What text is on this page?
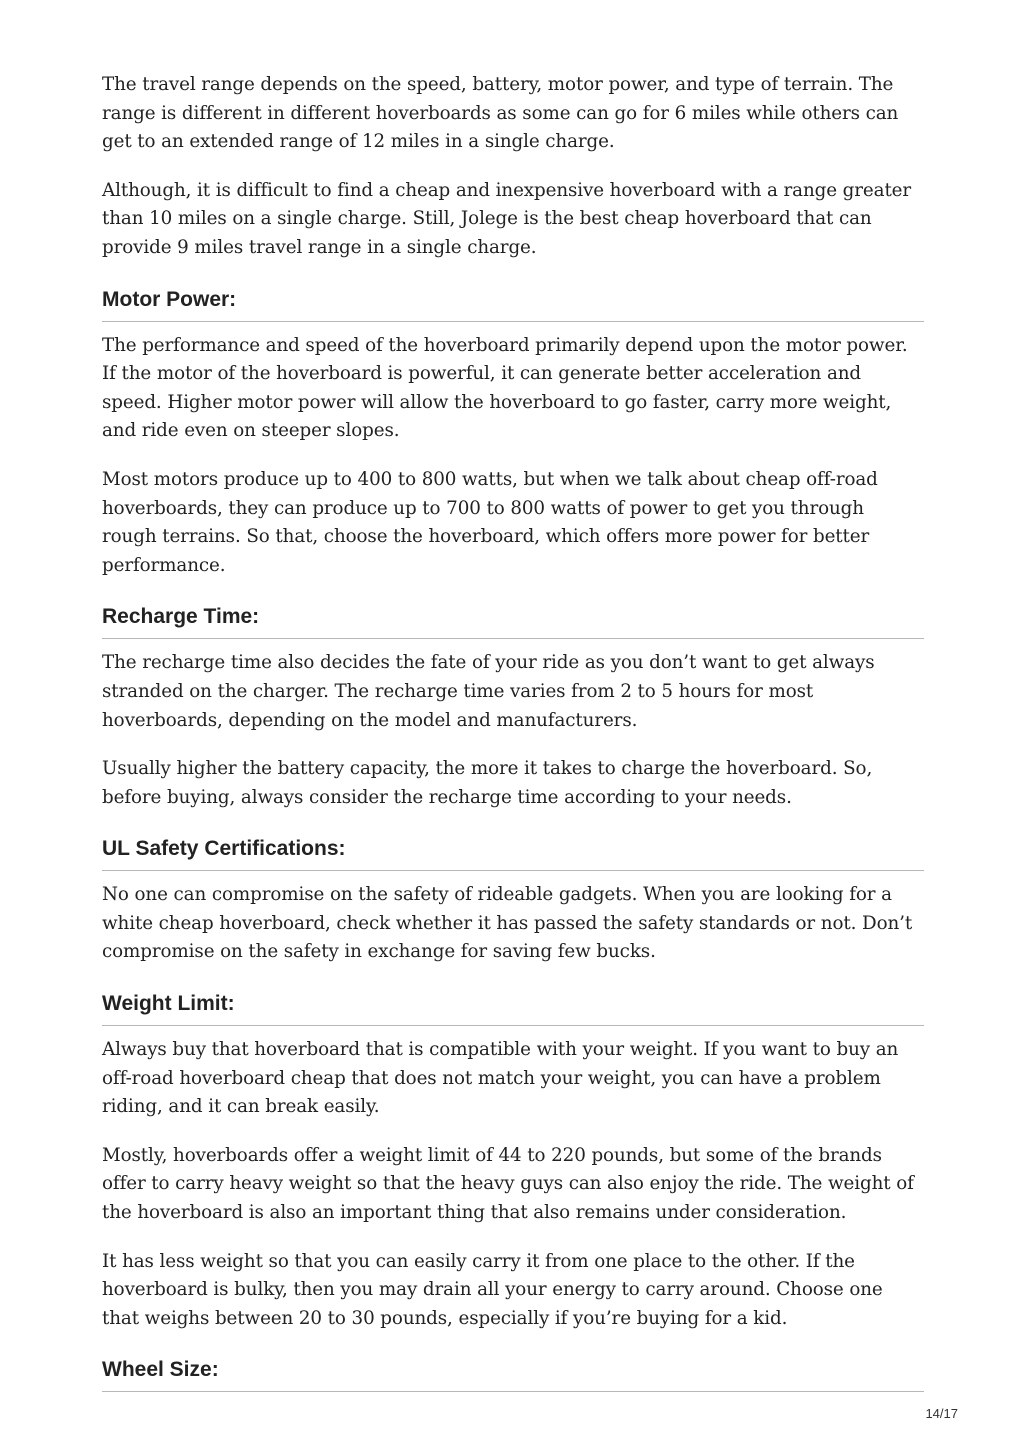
The travel range depends on the speed, battery, motor power, and type of terrain. The range is different in different hoverboards as some can go for 6 miles while others can get to an extended range of 12 miles in a single charge.

Although, it is difficult to find a cheap and inexpensive hoverboard with a range greater than 10 miles on a single charge. Still, Jolege is the best cheap hoverboard that can provide 9 miles travel range in a single charge.

Motor Power:

The performance and speed of the hoverboard primarily depend upon the motor power. If the motor of the hoverboard is powerful, it can generate better acceleration and speed. Higher motor power will allow the hoverboard to go faster, carry more weight, and ride even on steeper slopes.

Most motors produce up to 400 to 800 watts, but when we talk about cheap off-road hoverboards, they can produce up to 700 to 800 watts of power to get you through rough terrains. So that, choose the hoverboard, which offers more power for better performance.

Recharge Time:

The recharge time also decides the fate of your ride as you don’t want to get always stranded on the charger. The recharge time varies from 2 to 5 hours for most hoverboards, depending on the model and manufacturers.

Usually higher the battery capacity, the more it takes to charge the hoverboard. So, before buying, always consider the recharge time according to your needs.

UL Safety Certifications:

No one can compromise on the safety of rideable gadgets. When you are looking for a white cheap hoverboard, check whether it has passed the safety standards or not. Don’t compromise on the safety in exchange for saving few bucks.

Weight Limit:

Always buy that hoverboard that is compatible with your weight. If you want to buy an off-road hoverboard cheap that does not match your weight, you can have a problem riding, and it can break easily.

Mostly, hoverboards offer a weight limit of 44 to 220 pounds, but some of the brands offer to carry heavy weight so that the heavy guys can also enjoy the ride. The weight of the hoverboard is also an important thing that also remains under consideration.

It has less weight so that you can easily carry it from one place to the other. If the hoverboard is bulky, then you may drain all your energy to carry around. Choose one that weighs between 20 to 30 pounds, especially if you’re buying for a kid.

Wheel Size:
14/17
